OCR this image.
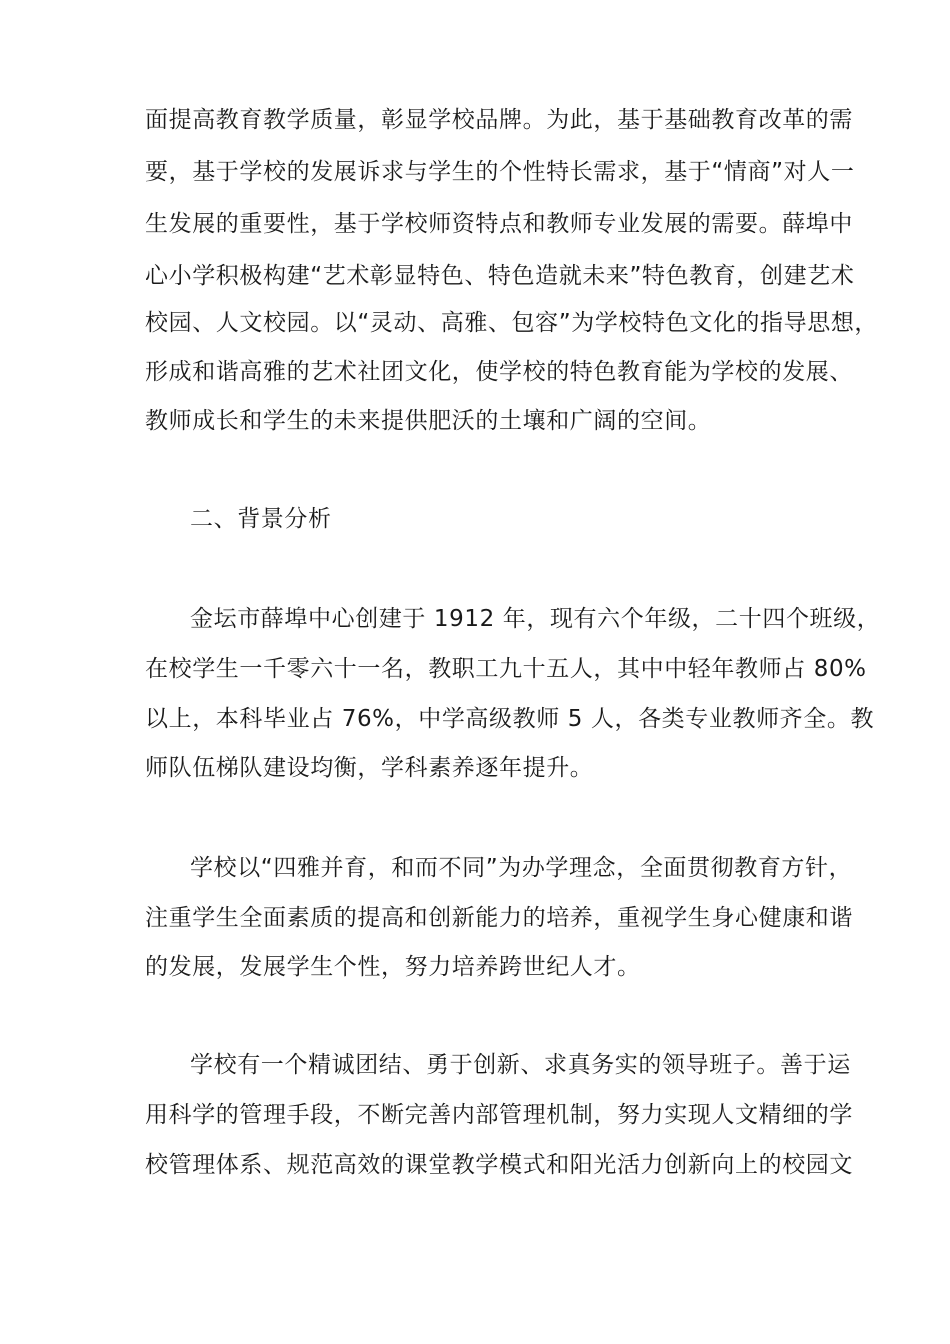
面提高教育教学质量，彰显学校品牌。为此，基于基础教育改革的需
要，基于学校的发展诉求与学生的个性特长需求，基于“情商”对人一
生发展的重要性，基于学校师资特点和教师专业发展的需要。薛埠中
心小学积极构建“艺术彰显特色、特色造就未来”特色教育，创建艺术
校园、人文校园。以“灵动、高雅、包容”为学校特色文化的指导思想，
形成和谐高雅的艺术社团文化，使学校的特色教育能为学校的发展、
教师成长和学生的未来提供肥沃的土壤和广阔的空间。
二、背景分析
金坛市薛埠中心创建于 1912 年，现有六个年级，二十四个班级，
在校学生一千零六十一名，教职工九十五人，其中中轻年教师占 80%
以上，本科毕业占 76%，中学高级教师 5 人，各类专业教师齐全。教
师队伍梯队建设均衡，学科素养逐年提升。
学校以“四雅并育，和而不同”为办学理念，全面贯彻教育方针，
注重学生全面素质的提高和创新能力的培养，重视学生身心健康和谐
的发展，发展学生个性，努力培养跨世纪人才。
学校有一个精诚团结、勇于创新、求真务实的领导班子。善于运
用科学的管理手段，不断完善内部管理机制，努力实现人文精细的学
校管理体系、规范高效的课堂教学模式和阳光活力创新向上的校园文
